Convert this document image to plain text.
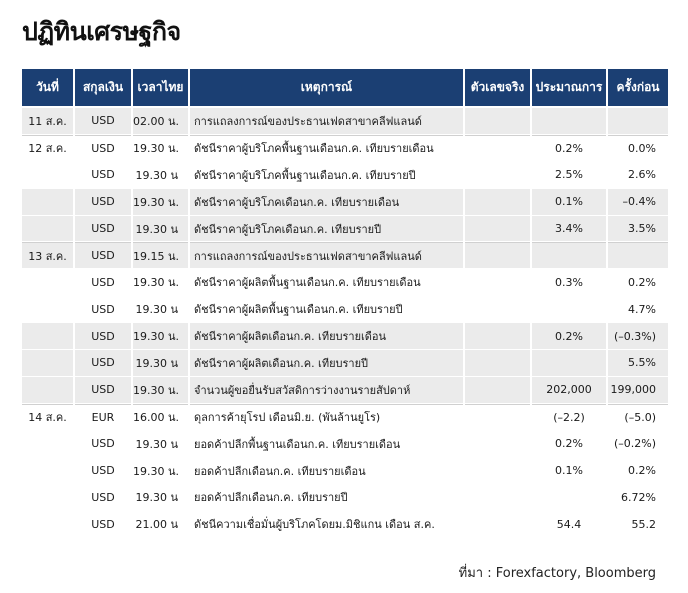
ปฏิทินเศรษฐกิจ
วันที่	สกุลเงิน	เวลาไทย	เหตุการณ์	ตัวเลขจริง	ประมาณการ	ครั้งก่อน
11 ส.ค.	USD	02.00 น.	การแถลงการณ์ของประธานเฟดสาขาคลีฟแลนด์			
12 ส.ค.	USD	19.30 น.	ดัชนีราคาผู้บริโภคพื้นฐานเดือนก.ค. เทียบรายเดือน		0.2%	0.0%
	USD	19.30 น	ดัชนีราคาผู้บริโภคพื้นฐานเดือนก.ค. เทียบรายปี		2.5%	2.6%
	USD	19.30 น.	ดัชนีราคาผู้บริโภคเดือนก.ค. เทียบรายเดือน		0.1%	–0.4%
	USD	19.30 น	ดัชนีราคาผู้บริโภคเดือนก.ค. เทียบรายปี		3.4%	3.5%
13 ส.ค.	USD	19.15 น.	การแถลงการณ์ของประธานเฟดสาขาคลีฟแลนด์			
	USD	19.30 น.	ดัชนีราคาผู้ผลิตพื้นฐานเดือนก.ค. เทียบรายเดือน		0.3%	0.2%
	USD	19.30 น	ดัชนีราคาผู้ผลิตพื้นฐานเดือนก.ค. เทียบรายปี			4.7%
	USD	19.30 น.	ดัชนีราคาผู้ผลิตเดือนก.ค. เทียบรายเดือน		0.2%	(–0.3%)
	USD	19.30 น	ดัชนีราคาผู้ผลิตเดือนก.ค. เทียบรายปี			5.5%
	USD	19.30 น.	จำนวนผู้ขอยื่นรับสวัสดิการว่างงานรายสัปดาห์		202,000	199,000
14 ส.ค.	EUR	16.00 น.	ดุลการค้ายุโรป เดือนมิ.ย. (พันล้านยูโร)		(–2.2)	(–5.0)
	USD	19.30 น	ยอดค้าปลีกพื้นฐานเดือนก.ค. เทียบรายเดือน		0.2%	(–0.2%)
	USD	19.30 น.	ยอดค้าปลีกเดือนก.ค. เทียบรายเดือน		0.1%	0.2%
	USD	19.30 น	ยอดค้าปลีกเดือนก.ค. เทียบรายปี			6.72%
	USD	21.00 น	ดัชนีความเชื่อมั่นผู้บริโภคโดยม.มิชิแกน เดือน ส.ค.		54.4	55.2
ที่มา : Forexfactory, Bloomberg
